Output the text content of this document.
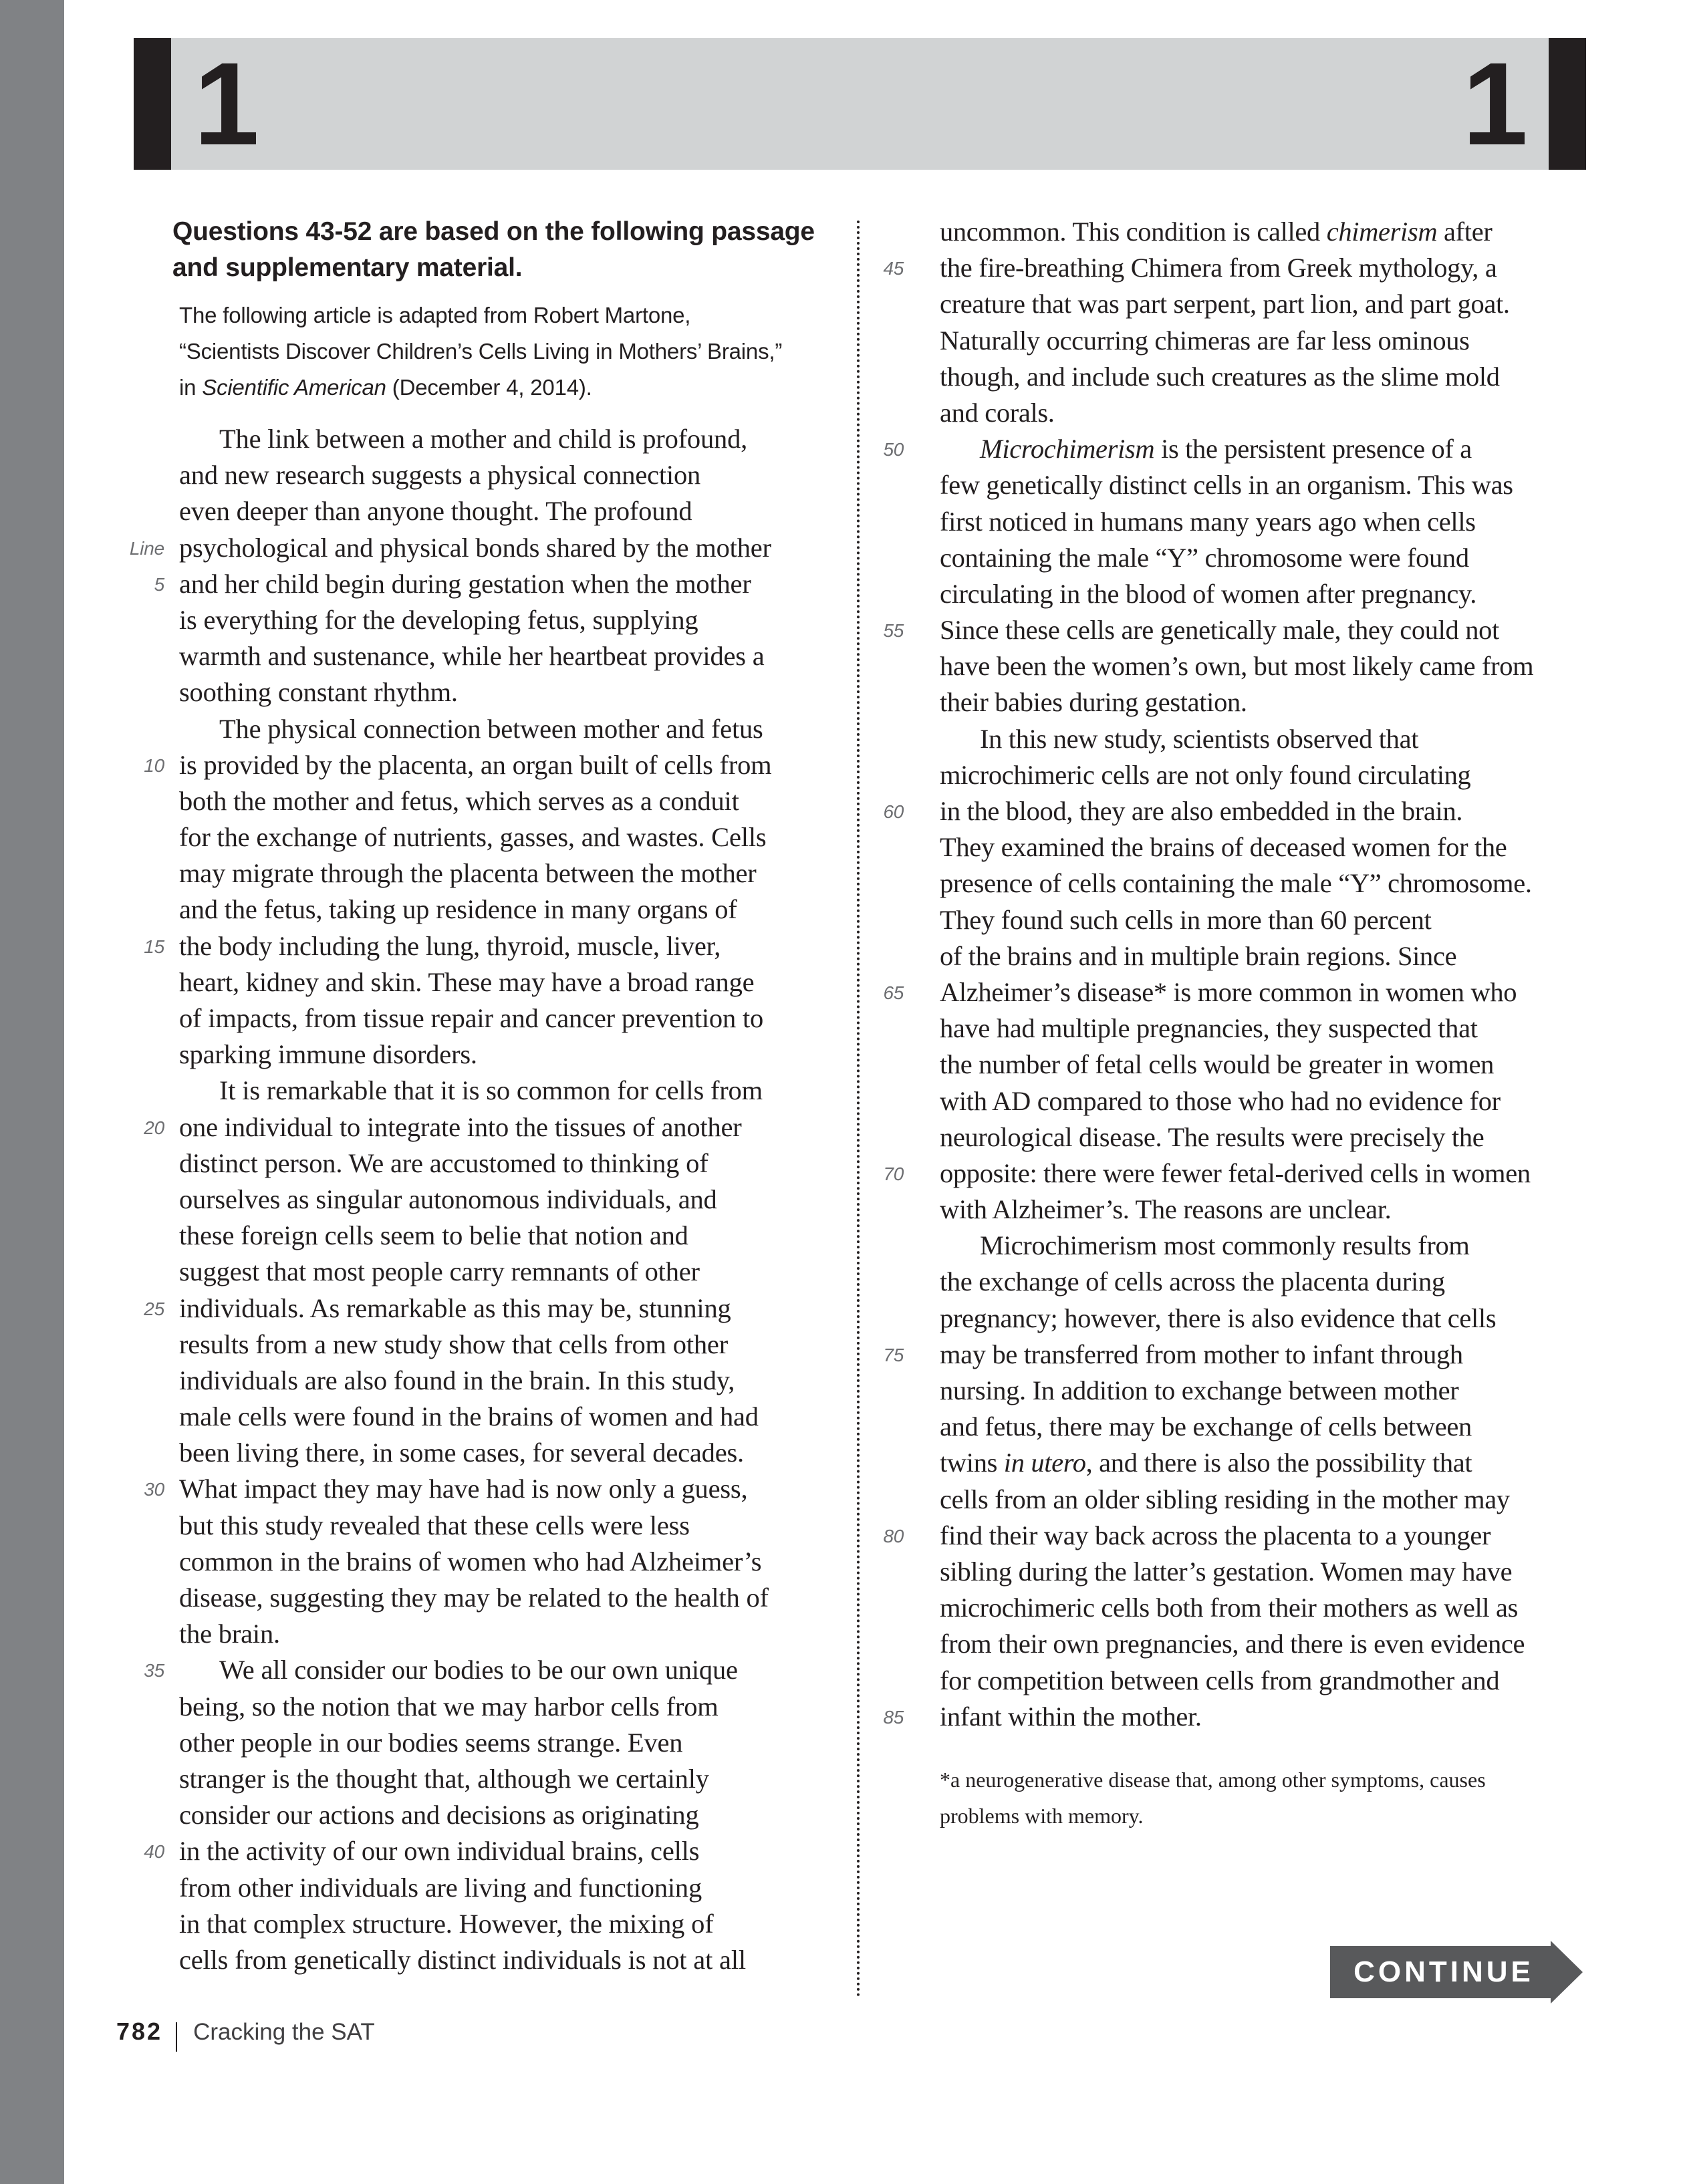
1	1

Questions 43-52 are based on the following passage and supplementary material.

The following article is adapted from Robert Martone,
“Scientists Discover Children’s Cells Living in Mothers’ Brains,”
in Scientific American (December 4, 2014).
The link between a mother and child is profound,
and new research suggests a physical connection
even deeper than anyone thought. The profound
Line psychological and physical bonds shared by the mother
5 and her child begin during gestation when the mother
is everything for the developing fetus, supplying
warmth and sustenance, while her heartbeat provides a
soothing constant rhythm.
The physical connection between mother and fetus
10 is provided by the placenta, an organ built of cells from
both the mother and fetus, which serves as a conduit
for the exchange of nutrients, gasses, and wastes. Cells
may migrate through the placenta between the mother
and the fetus, taking up residence in many organs of
15 the body including the lung, thyroid, muscle, liver,
heart, kidney and skin. These may have a broad range
of impacts, from tissue repair and cancer prevention to
sparking immune disorders.
It is remarkable that it is so common for cells from
20 one individual to integrate into the tissues of another
distinct person. We are accustomed to thinking of
ourselves as singular autonomous individuals, and
these foreign cells seem to belie that notion and
suggest that most people carry remnants of other
25 individuals. As remarkable as this may be, stunning
results from a new study show that cells from other
individuals are also found in the brain. In this study,
male cells were found in the brains of women and had
been living there, in some cases, for several decades.
30 What impact they may have had is now only a guess,
but this study revealed that these cells were less
common in the brains of women who had Alzheimer’s
disease, suggesting they may be related to the health of
the brain.
35 We all consider our bodies to be our own unique
being, so the notion that we may harbor cells from
other people in our bodies seems strange. Even
stranger is the thought that, although we certainly
consider our actions and decisions as originating
40 in the activity of our own individual brains, cells
from other individuals are living and functioning
in that complex structure. However, the mixing of
cells from genetically distinct individuals is not at all
uncommon. This condition is called chimerism after
45 the fire-breathing Chimera from Greek mythology, a
creature that was part serpent, part lion, and part goat.
Naturally occurring chimeras are far less ominous
though, and include such creatures as the slime mold
and corals.
50	Microchimerism is the persistent presence of a
few genetically distinct cells in an organism. This was
first noticed in humans many years ago when cells
containing the male “Y” chromosome were found
circulating in the blood of women after pregnancy.
55 Since these cells are genetically male, they could not
have been the women’s own, but most likely came from
their babies during gestation.
In this new study, scientists observed that
microchimeric cells are not only found circulating
60 in the blood, they are also embedded in the brain.
They examined the brains of deceased women for the
presence of cells containing the male “Y” chromosome.
They found such cells in more than 60 percent
of the brains and in multiple brain regions. Since
65 Alzheimer’s disease* is more common in women who
have had multiple pregnancies, they suspected that
the number of fetal cells would be greater in women
with AD compared to those who had no evidence for
neurological disease. The results were precisely the
70 opposite: there were fewer fetal-derived cells in women
with Alzheimer’s. The reasons are unclear.
Microchimerism most commonly results from
the exchange of cells across the placenta during
pregnancy; however, there is also evidence that cells
75 may be transferred from mother to infant through
nursing. In addition to exchange between mother
and fetus, there may be exchange of cells between
twins in utero, and there is also the possibility that
cells from an older sibling residing in the mother may
80 find their way back across the placenta to a younger
sibling during the latter’s gestation. Women may have
microchimeric cells both from their mothers as well as
from their own pregnancies, and there is even evidence
for competition between cells from grandmother and
85 infant within the mother.
*a neurogenerative disease that, among other symptoms, causes
problems with memory.
CONTINUE
782 Cracking the SAT
